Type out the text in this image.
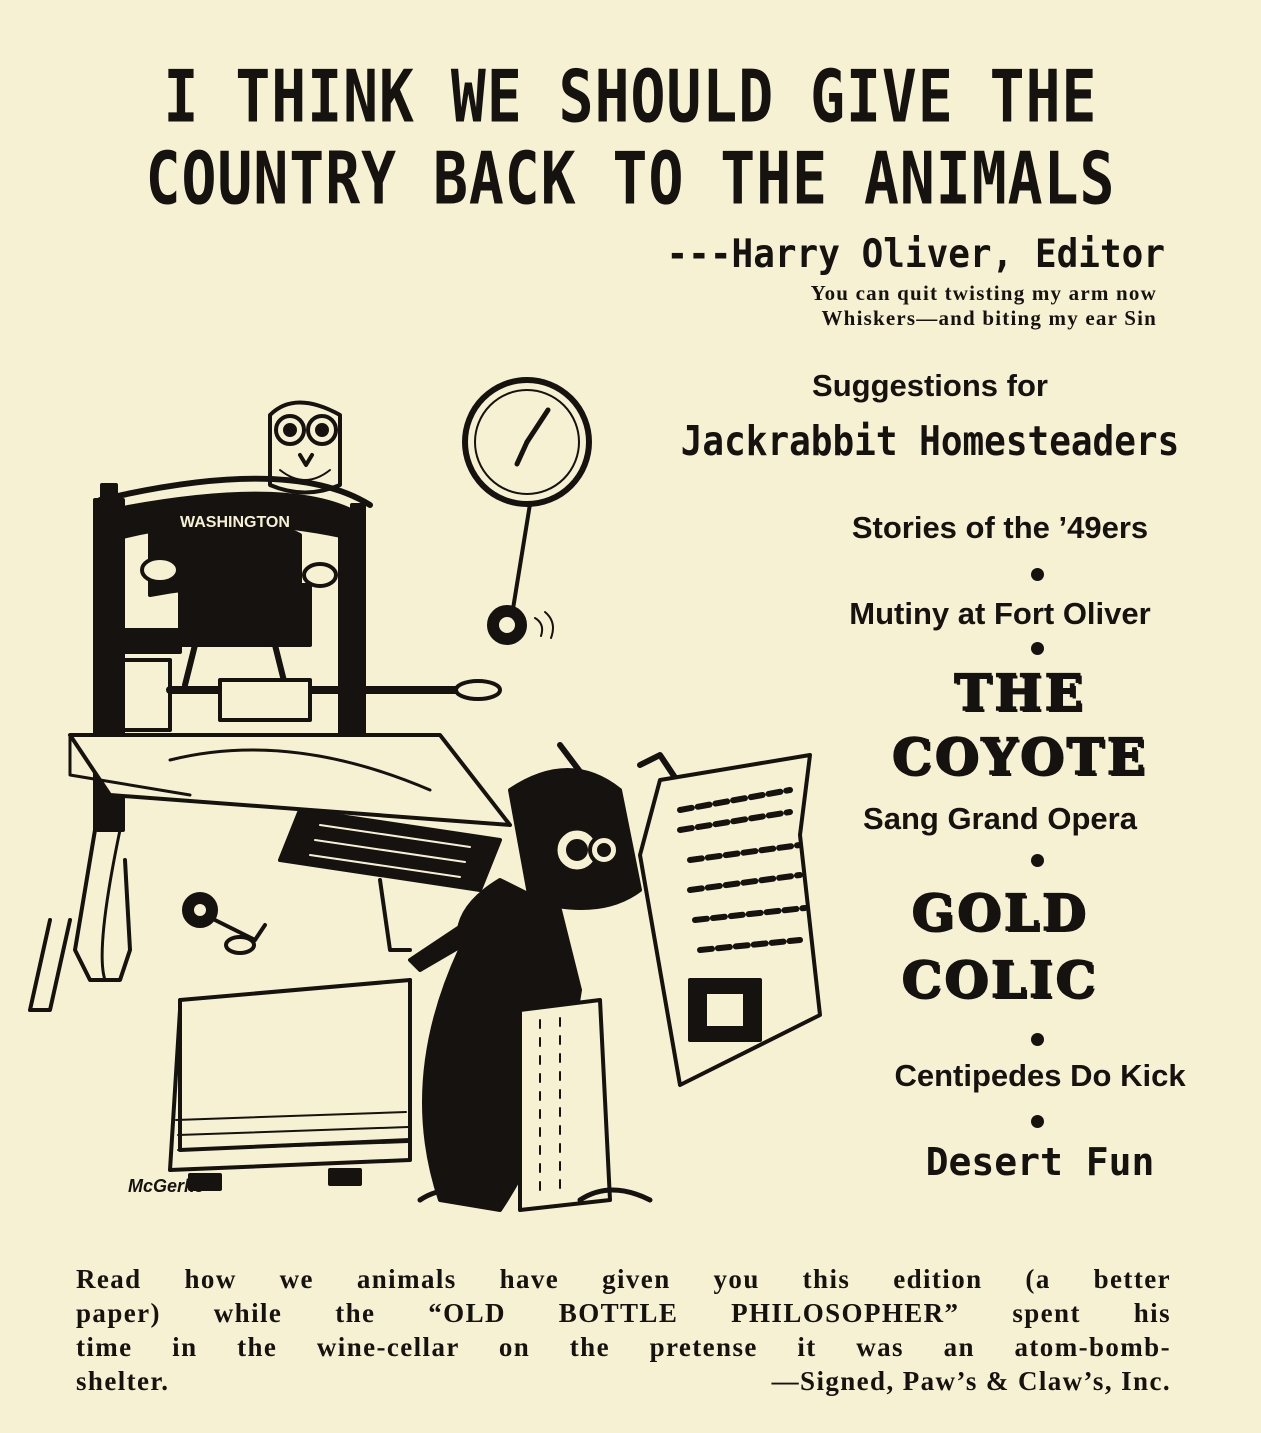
I THINK WE SHOULD GIVE THE
COUNTRY BACK TO THE ANIMALS
---Harry Oliver, Editor
You can quit twisting my arm now
Whiskers—and biting my ear Sin
Suggestions for
Jackrabbit Homesteaders
Stories of the ’49ers
Mutiny at Fort Oliver
THE
COYOTE
Sang Grand Opera
GOLD
COLIC
Centipedes Do Kick
Desert Fun
WASHINGTON
McGerke
Read how we animals have given you this edition (a better
paper) while the “OLD BOTTLE PHILOSOPHER” spent his
time in the wine-cellar on the pretense it was an atom-bomb-
shelter.	—Signed, Paw’s & Claw’s, Inc.
